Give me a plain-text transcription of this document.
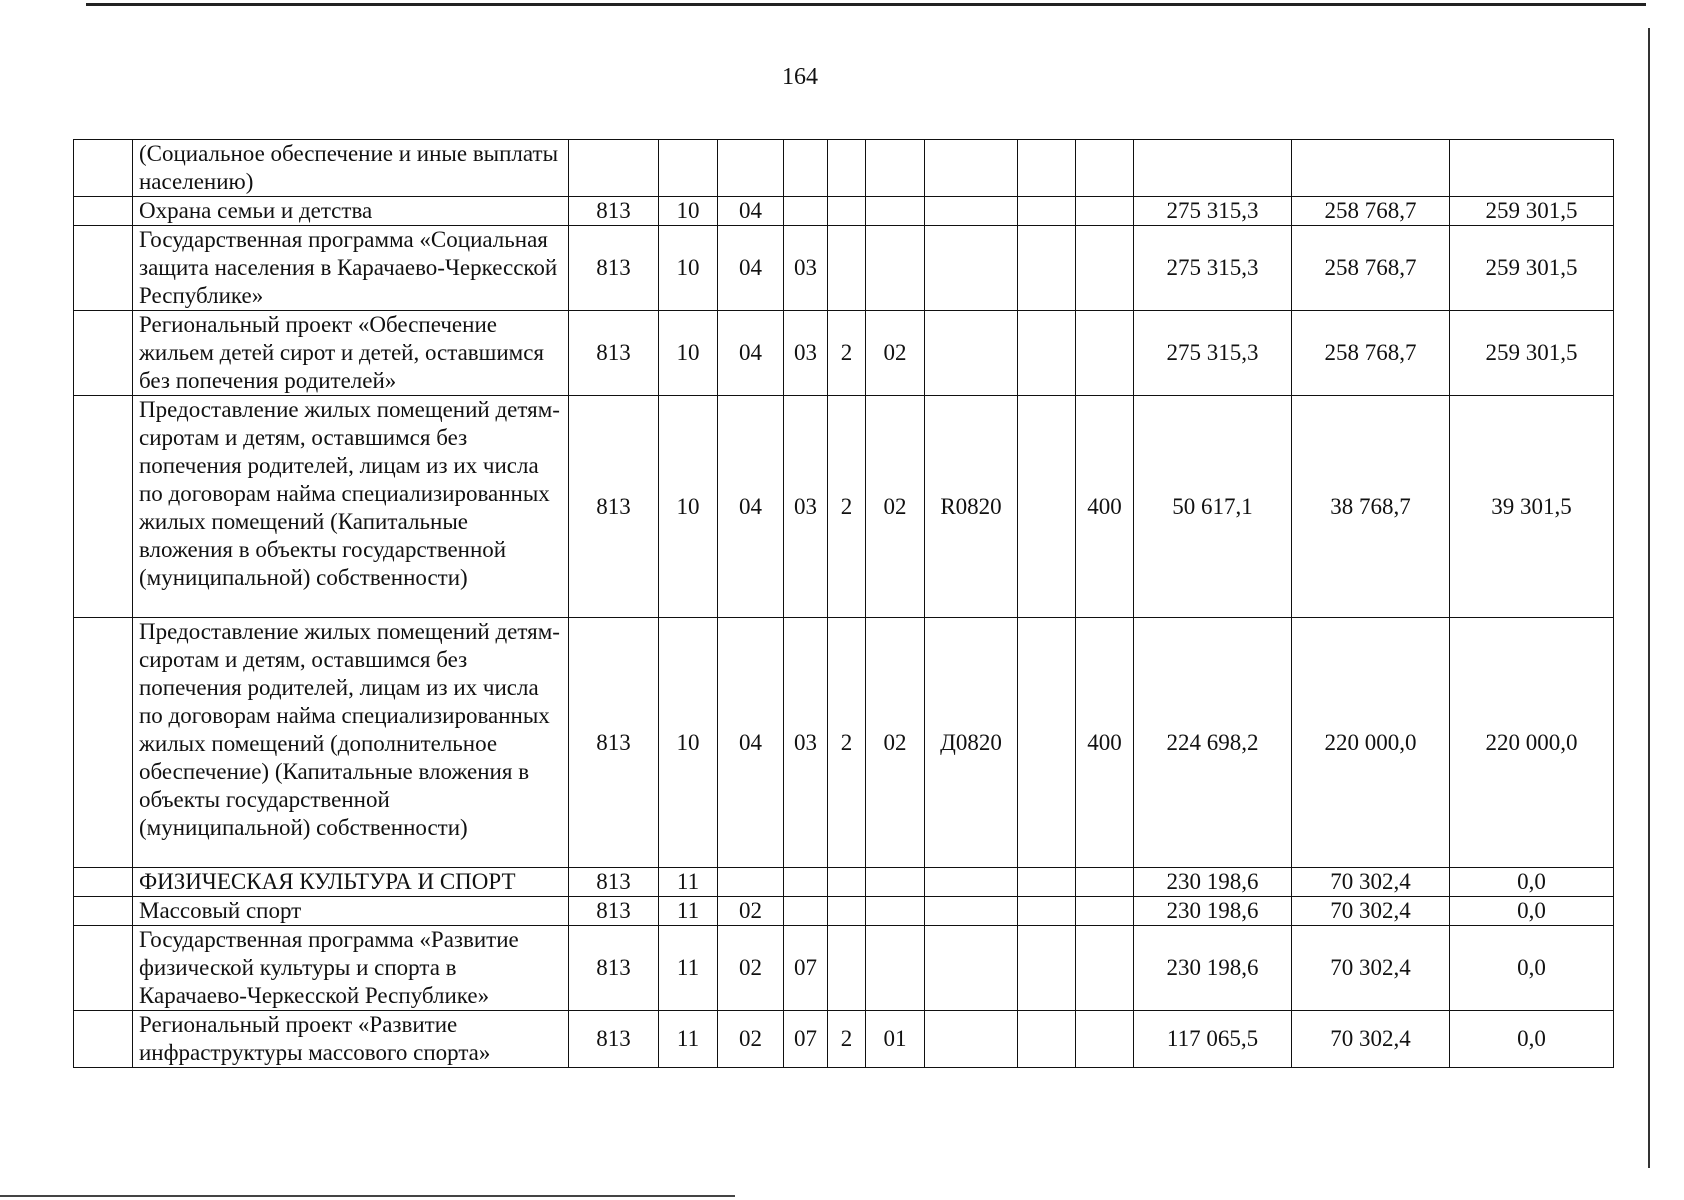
164
	(Социальное обеспечение и иные выплаты населению)												
	Охрана семьи и детства	813	10	04							275 315,3	258 768,7	259 301,5
	Государственная программа «Социальная защита населения в Карачаево-Черкесской Республике»	813	10	04	03						275 315,3	258 768,7	259 301,5
	Региональный проект «Обеспечение жильем детей сирот и детей, оставшимся без попечения родителей»	813	10	04	03	2	02				275 315,3	258 768,7	259 301,5
	Предоставление жилых помещений детям-сиротам и детям, оставшимся без попечения родителей, лицам из их числа по договорам найма специализированных жилых помещений (Капитальные вложения в объекты государственной (муниципальной) собственности)	813	10	04	03	2	02	R0820		400	50 617,1	38 768,7	39 301,5
	Предоставление жилых помещений детям-сиротам и детям, оставшимся без попечения родителей, лицам из их числа по договорам найма специализированных жилых помещений (дополнительное обеспечение) (Капитальные вложения в объекты государственной (муниципальной) собственности)	813	10	04	03	2	02	Д0820		400	224 698,2	220 000,0	220 000,0
	ФИЗИЧЕСКАЯ КУЛЬТУРА И СПОРТ	813	11								230 198,6	70 302,4	0,0
	Массовый спорт	813	11	02							230 198,6	70 302,4	0,0
	Государственная программа «Развитие физической культуры и спорта в Карачаево-Черкесской Республике»	813	11	02	07						230 198,6	70 302,4	0,0
	Региональный проект «Развитие инфраструктуры массового спорта»	813	11	02	07	2	01				117 065,5	70 302,4	0,0
